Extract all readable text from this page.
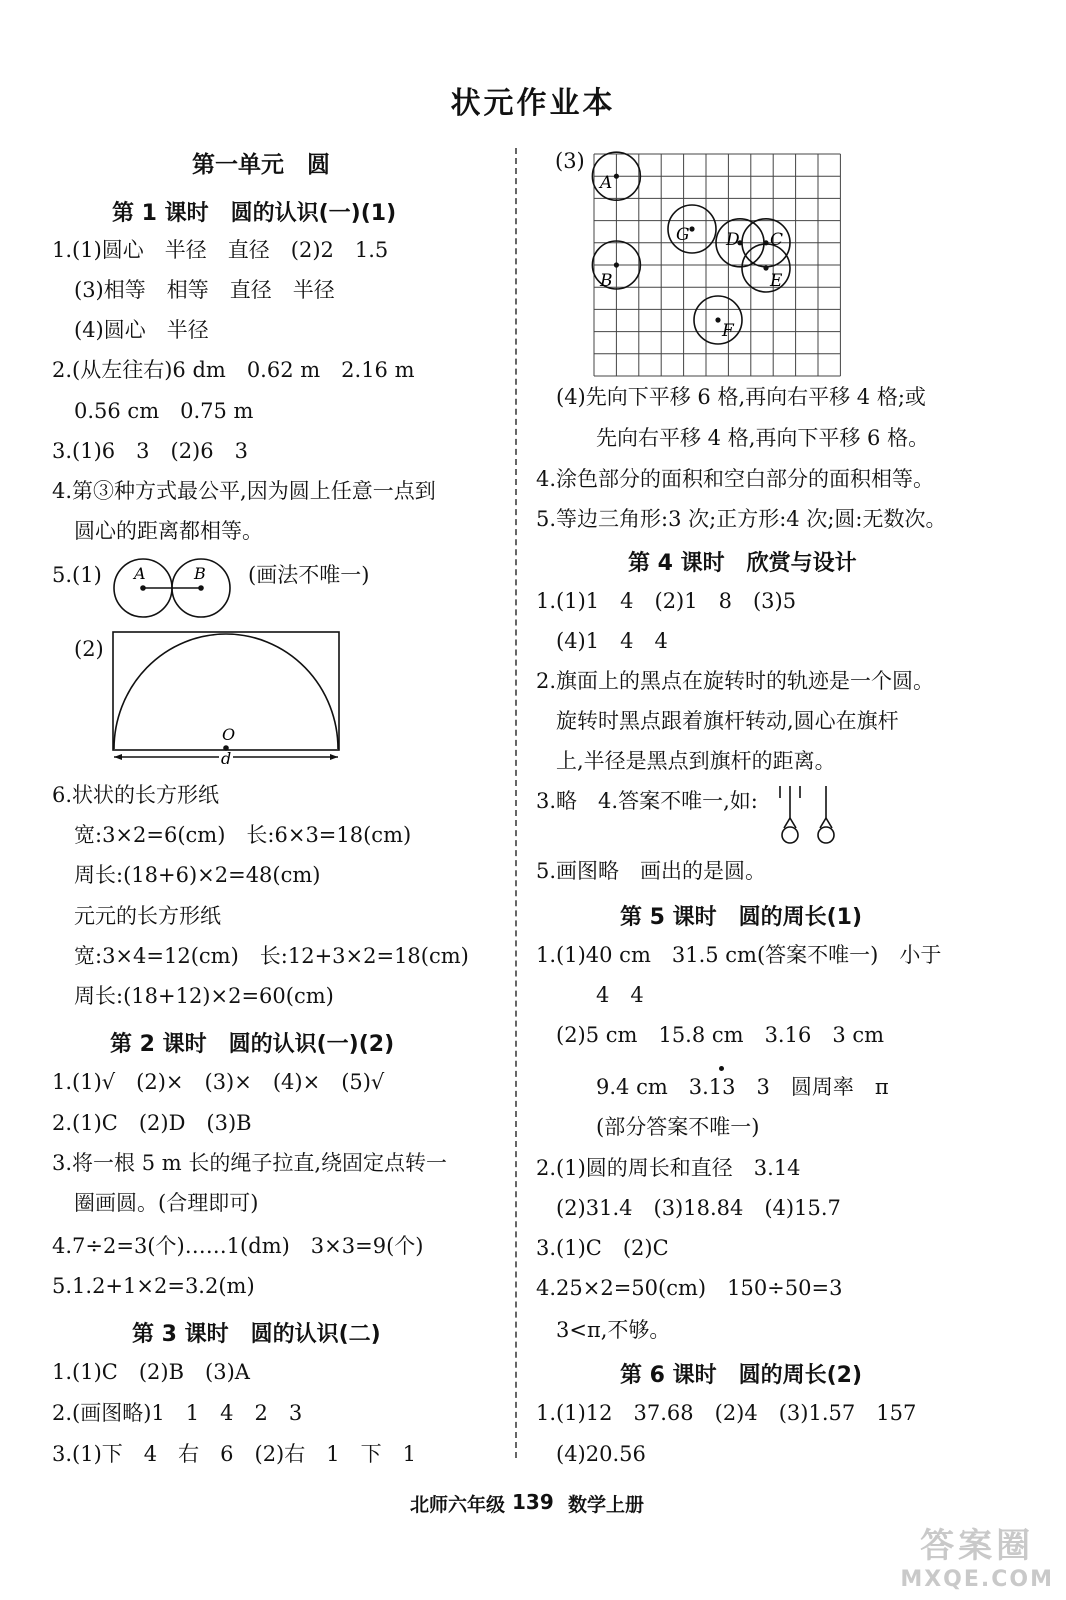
状元作业本
第一单元　圆
第 1 课时　圆的认识(一)(1)
1.(1)圆心　半径　直径　(2)2　1.5
(3)相等　相等　直径　半径
(4)圆心　半径
2.(从左往右)6 dm　0.62 m　2.16 m
0.56 cm　0.75 m
3.(1)6　3　(2)6　3
4.第③种方式最公平,因为圆上任意一点到
圆心的距离都相等。
5.(1) A	B (画法不唯一)
(2)
O
d
6.状状的长方形纸
宽:3×2=6(cm)　长:6×3=18(cm)
周长:(18+6)×2=48(cm)
元元的长方形纸
宽:3×4=12(cm)　长:12+3×2=18(cm)
周长:(18+12)×2=60(cm)
第 2 课时　圆的认识(一)(2)
1.(1)√　(2)×　(3)×　(4)×　(5)√
2.(1)C　(2)D　(3)B
3.将一根 5 m 长的绳子拉直,绕固定点转一
圈画圆。(合理即可)
4.7÷2=3(个)……1(dm)　3×3=9(个)
5.1.2+1×2=3.2(m)
第 3 课时　圆的认识(二)
1.(1)C　(2)B　(3)A
2.(画图略)1　1　4　2　3
3.(1)下　4　右　6　(2)右　1　下　1
(3)
A
B
G D C
E
F
(4)先向下平移 6 格,再向右平移 4 格;或
先向右平移 4 格,再向下平移 6 格。
4.涂色部分的面积和空白部分的面积相等。
5.等边三角形:3 次;正方形:4 次;圆:无数次。
第 4 课时　欣赏与设计
1.(1)1　4　(2)1　8　(3)5
(4)1　4　4
2.旗面上的黑点在旋转时的轨迹是一个圆。
旋转时黑点跟着旗杆转动,圆心在旗杆
上,半径是黑点到旗杆的距离。
3.略　4.答案不唯一,如:
5.画图略　画出的是圆。
第 5 课时　圆的周长(1)
1.(1)40 cm　31.5 cm(答案不唯一)　小于
4　4
(2)5 cm　15.8 cm　3.16　3 cm
9.4 cm　3.13　3　圆周率　π
(部分答案不唯一)
2.(1)圆的周长和直径　3.14
(2)31.4　(3)18.84　(4)15.7
3.(1)C　(2)C
4.25×2=50(cm)　150÷50=3
3<π,不够。
第 6 课时　圆的周长(2)
1.(1)12　37.68　(2)4　(3)1.57　157
(4)20.56
北师六年级 139 数学上册
答案圈
MXQE.COM
